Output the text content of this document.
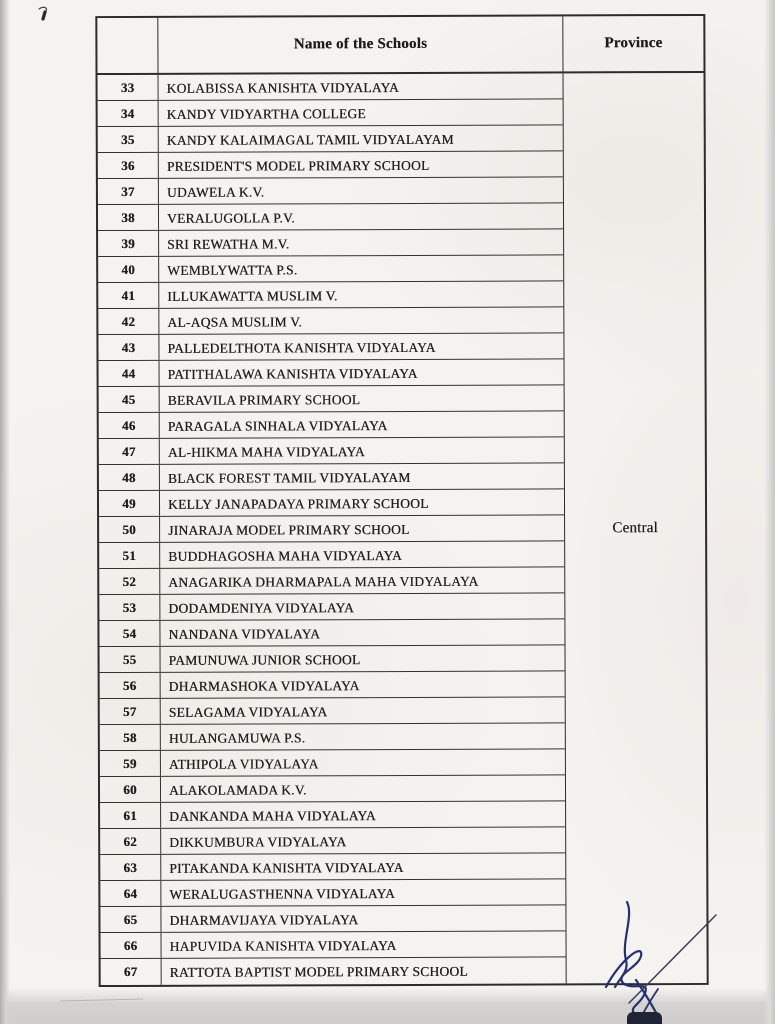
Name of the Schools	Province
33	KOLABISSA KANISHTA VIDYALAYA
34	KANDY VIDYARTHA COLLEGE
35	KANDY KALAIMAGAL TAMIL VIDYALAYAM
36	PRESIDENT'S MODEL PRIMARY SCHOOL
37	UDAWELA K.V.
38	VERALUGOLLA P.V.
39	SRI REWATHA M.V.
40	WEMBLYWATTA P.S.
41	ILLUKAWATTA MUSLIM V.
42	AL-AQSA MUSLIM V.
43	PALLEDELTHOTA KANISHTA VIDYALAYA
44	PATITHALAWA KANISHTA VIDYALAYA
45	BERAVILA PRIMARY SCHOOL
46	PARAGALA SINHALA VIDYALAYA
47	AL-HIKMA MAHA VIDYALAYA
48	BLACK FOREST TAMIL VIDYALAYAM
49	KELLY JANAPADAYA PRIMARY SCHOOL
50	JINARAJA MODEL PRIMARY SCHOOL
51	BUDDHAGOSHA MAHA VIDYALAYA
52	ANAGARIKA DHARMAPALA MAHA VIDYALAYA
53	DODAMDENIYA VIDYALAYA
54	NANDANA VIDYALAYA
55	PAMUNUWA JUNIOR SCHOOL
56	DHARMASHOKA VIDYALAYA
57	SELAGAMA VIDYALAYA
58	HULANGAMUWA P.S.
59	ATHIPOLA VIDYALAYA
60	ALAKOLAMADA K.V.
61	DANKANDA MAHA VIDYALAYA
62	DIKKUMBURA VIDYALAYA
63	PITAKANDA KANISHTA VIDYALAYA
64	WERALUGASTHENNA VIDYALAYA
65	DHARMAVIJAYA VIDYALAYA
66	HAPUVIDA KANISHTA VIDYALAYA
67	RATTOTA BAPTIST MODEL PRIMARY SCHOOL
Central
